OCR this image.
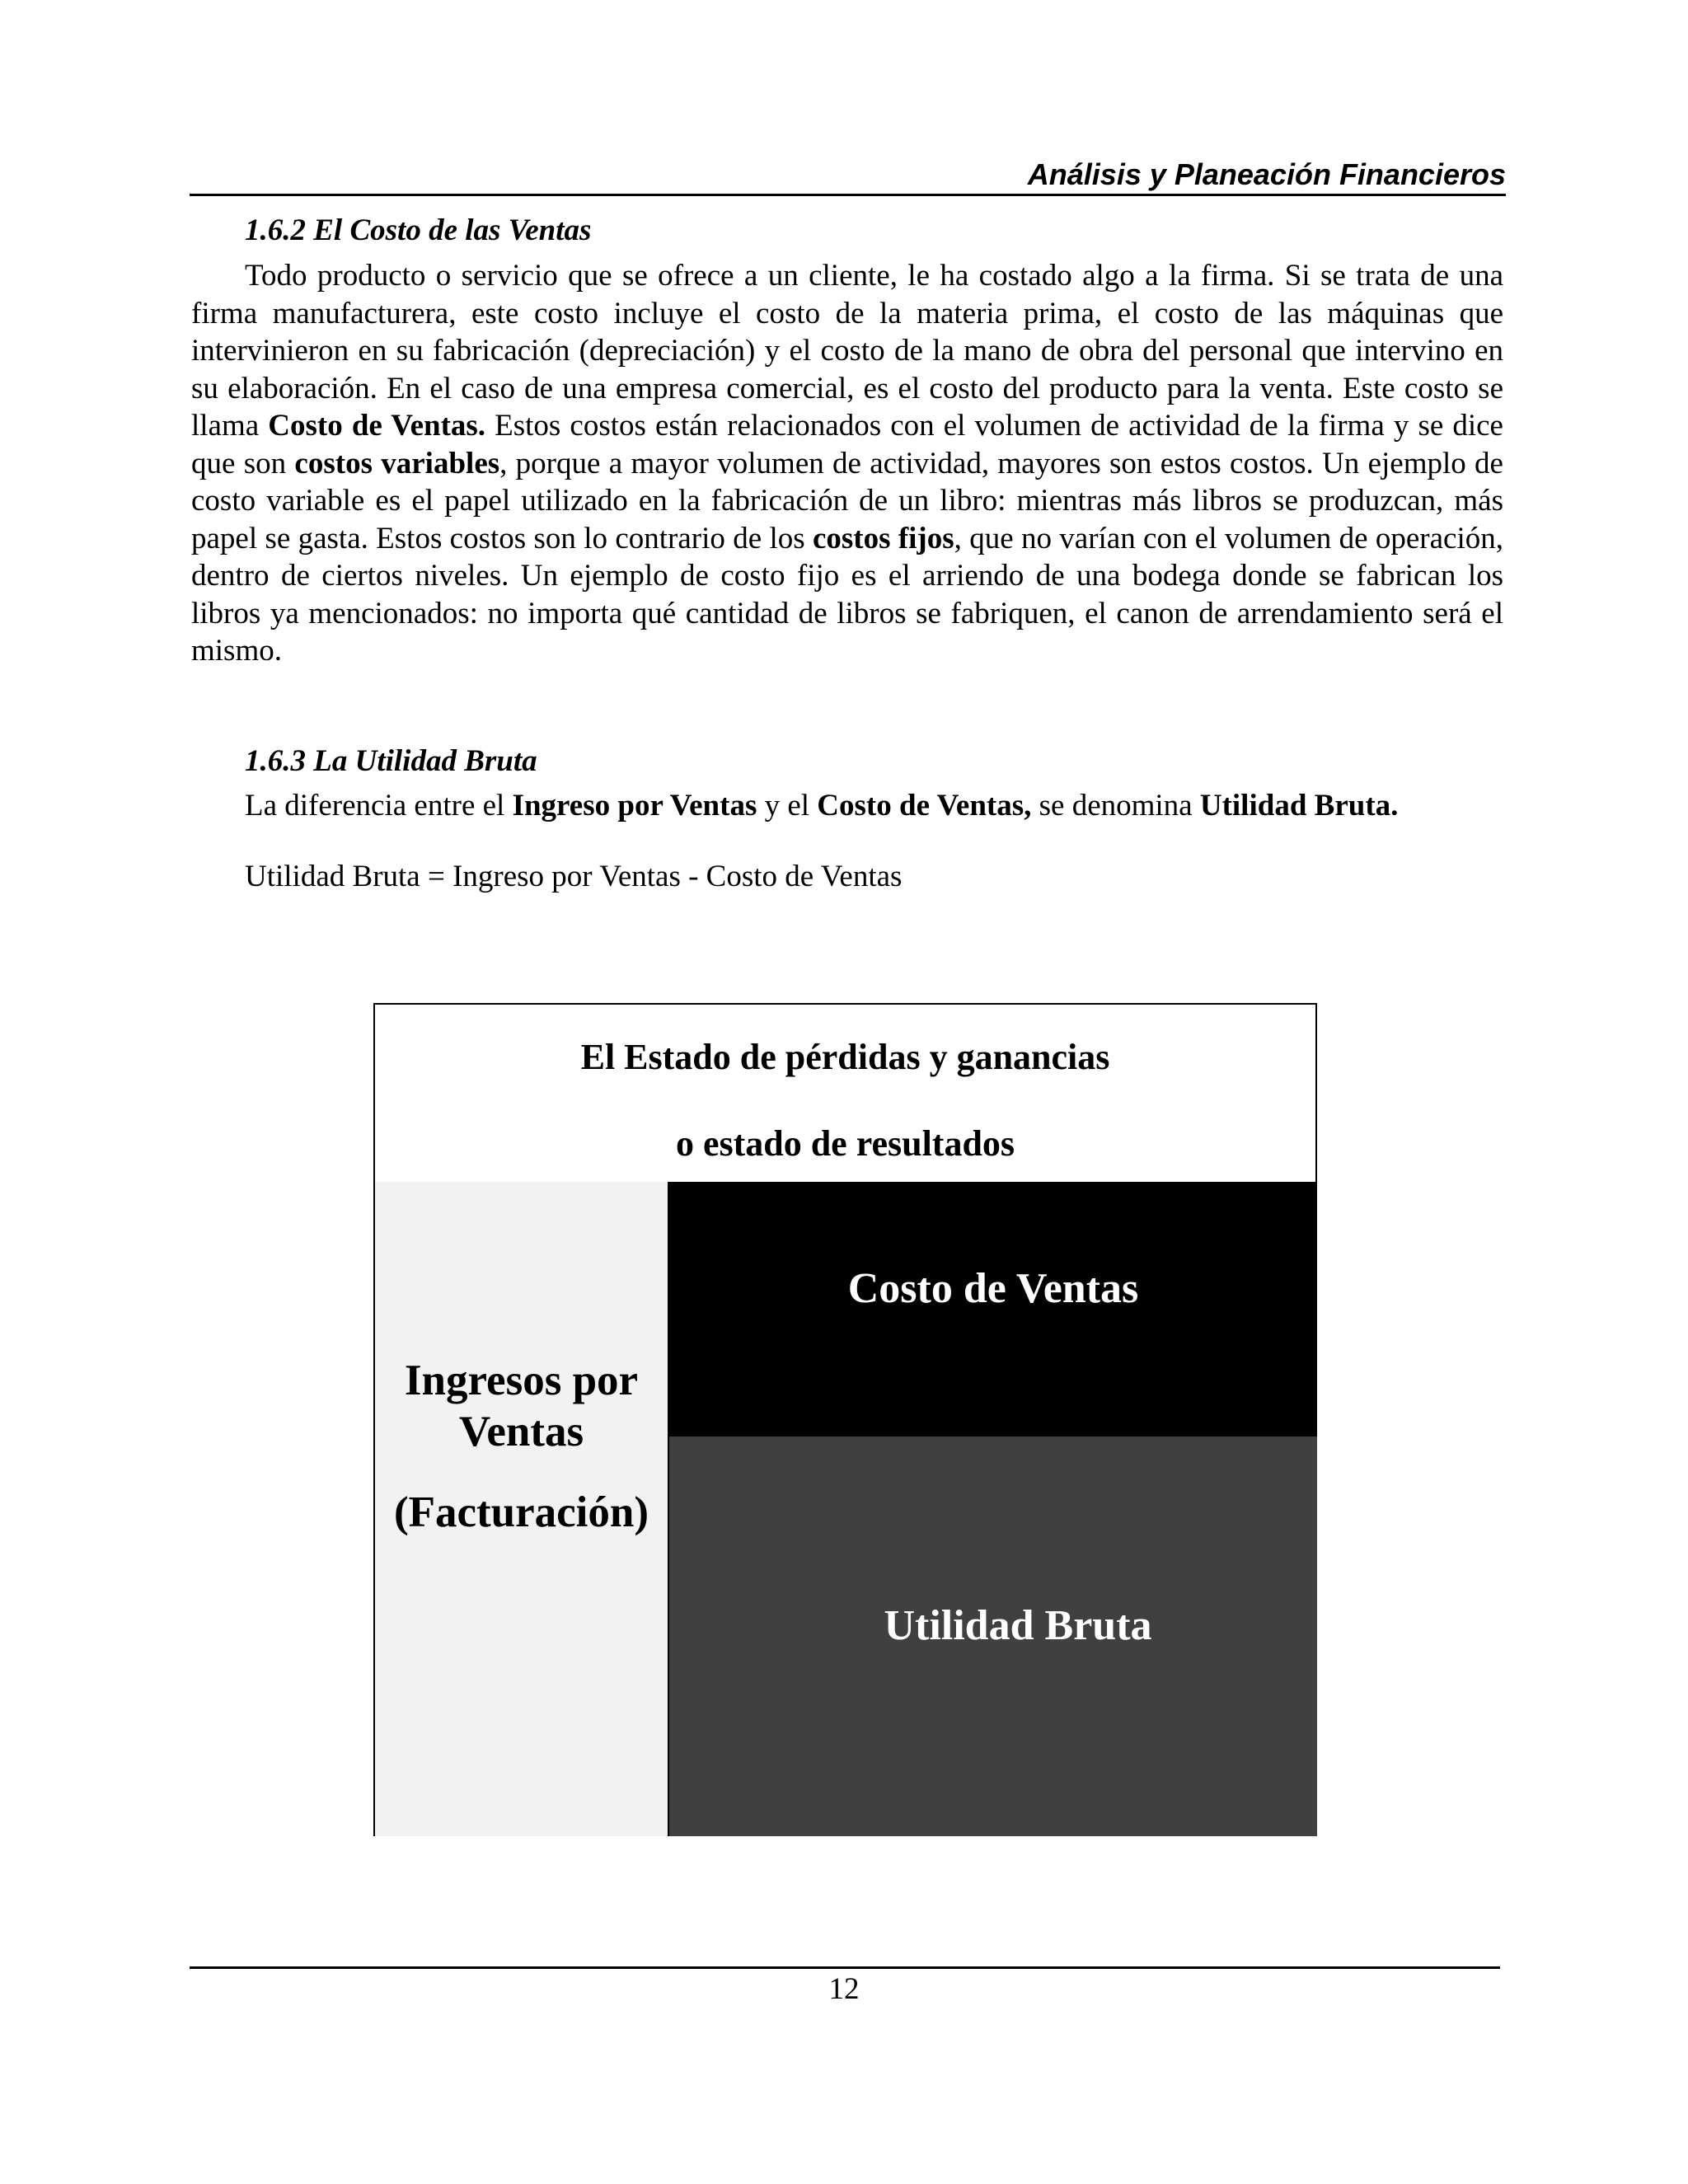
Análisis y Planeación Financieros
1.6.2 El Costo de las Ventas

Todo producto o servicio que se ofrece a un cliente, le ha costado algo a la firma. Si se trata de una firma manufacturera, este costo incluye el costo de la materia prima, el costo de las máquinas que intervinieron en su fabricación (depreciación) y el costo de la mano de obra del personal que intervino en su elaboración. En el caso de una empresa comercial, es el costo del producto para la venta. Este costo se llama Costo de Ventas. Estos costos están relacionados con el volumen de actividad de la firma y se dice que son costos variables, porque a mayor volumen de actividad, mayores son estos costos. Un ejemplo de costo variable es el papel utilizado en la fabricación de un libro: mientras más libros se produzcan, más papel se gasta. Estos costos son lo contrario de los costos fijos, que no varían con el volumen de operación, dentro de ciertos niveles. Un ejemplo de costo fijo es el arriendo de una bodega donde se fabrican los libros ya mencionados: no importa qué cantidad de libros se fabriquen, el canon de arrendamiento será el mismo.

1.6.3 La Utilidad Bruta

La diferencia entre el Ingreso por Ventas y el Costo de Ventas, se denomina Utilidad Bruta.

Utilidad Bruta = Ingreso por Ventas - Costo de Ventas

El Estado de pérdidas y ganancias
o estado de resultados
Ingresos por Ventas
(Facturación)
Costo de Ventas
Utilidad Bruta
12
